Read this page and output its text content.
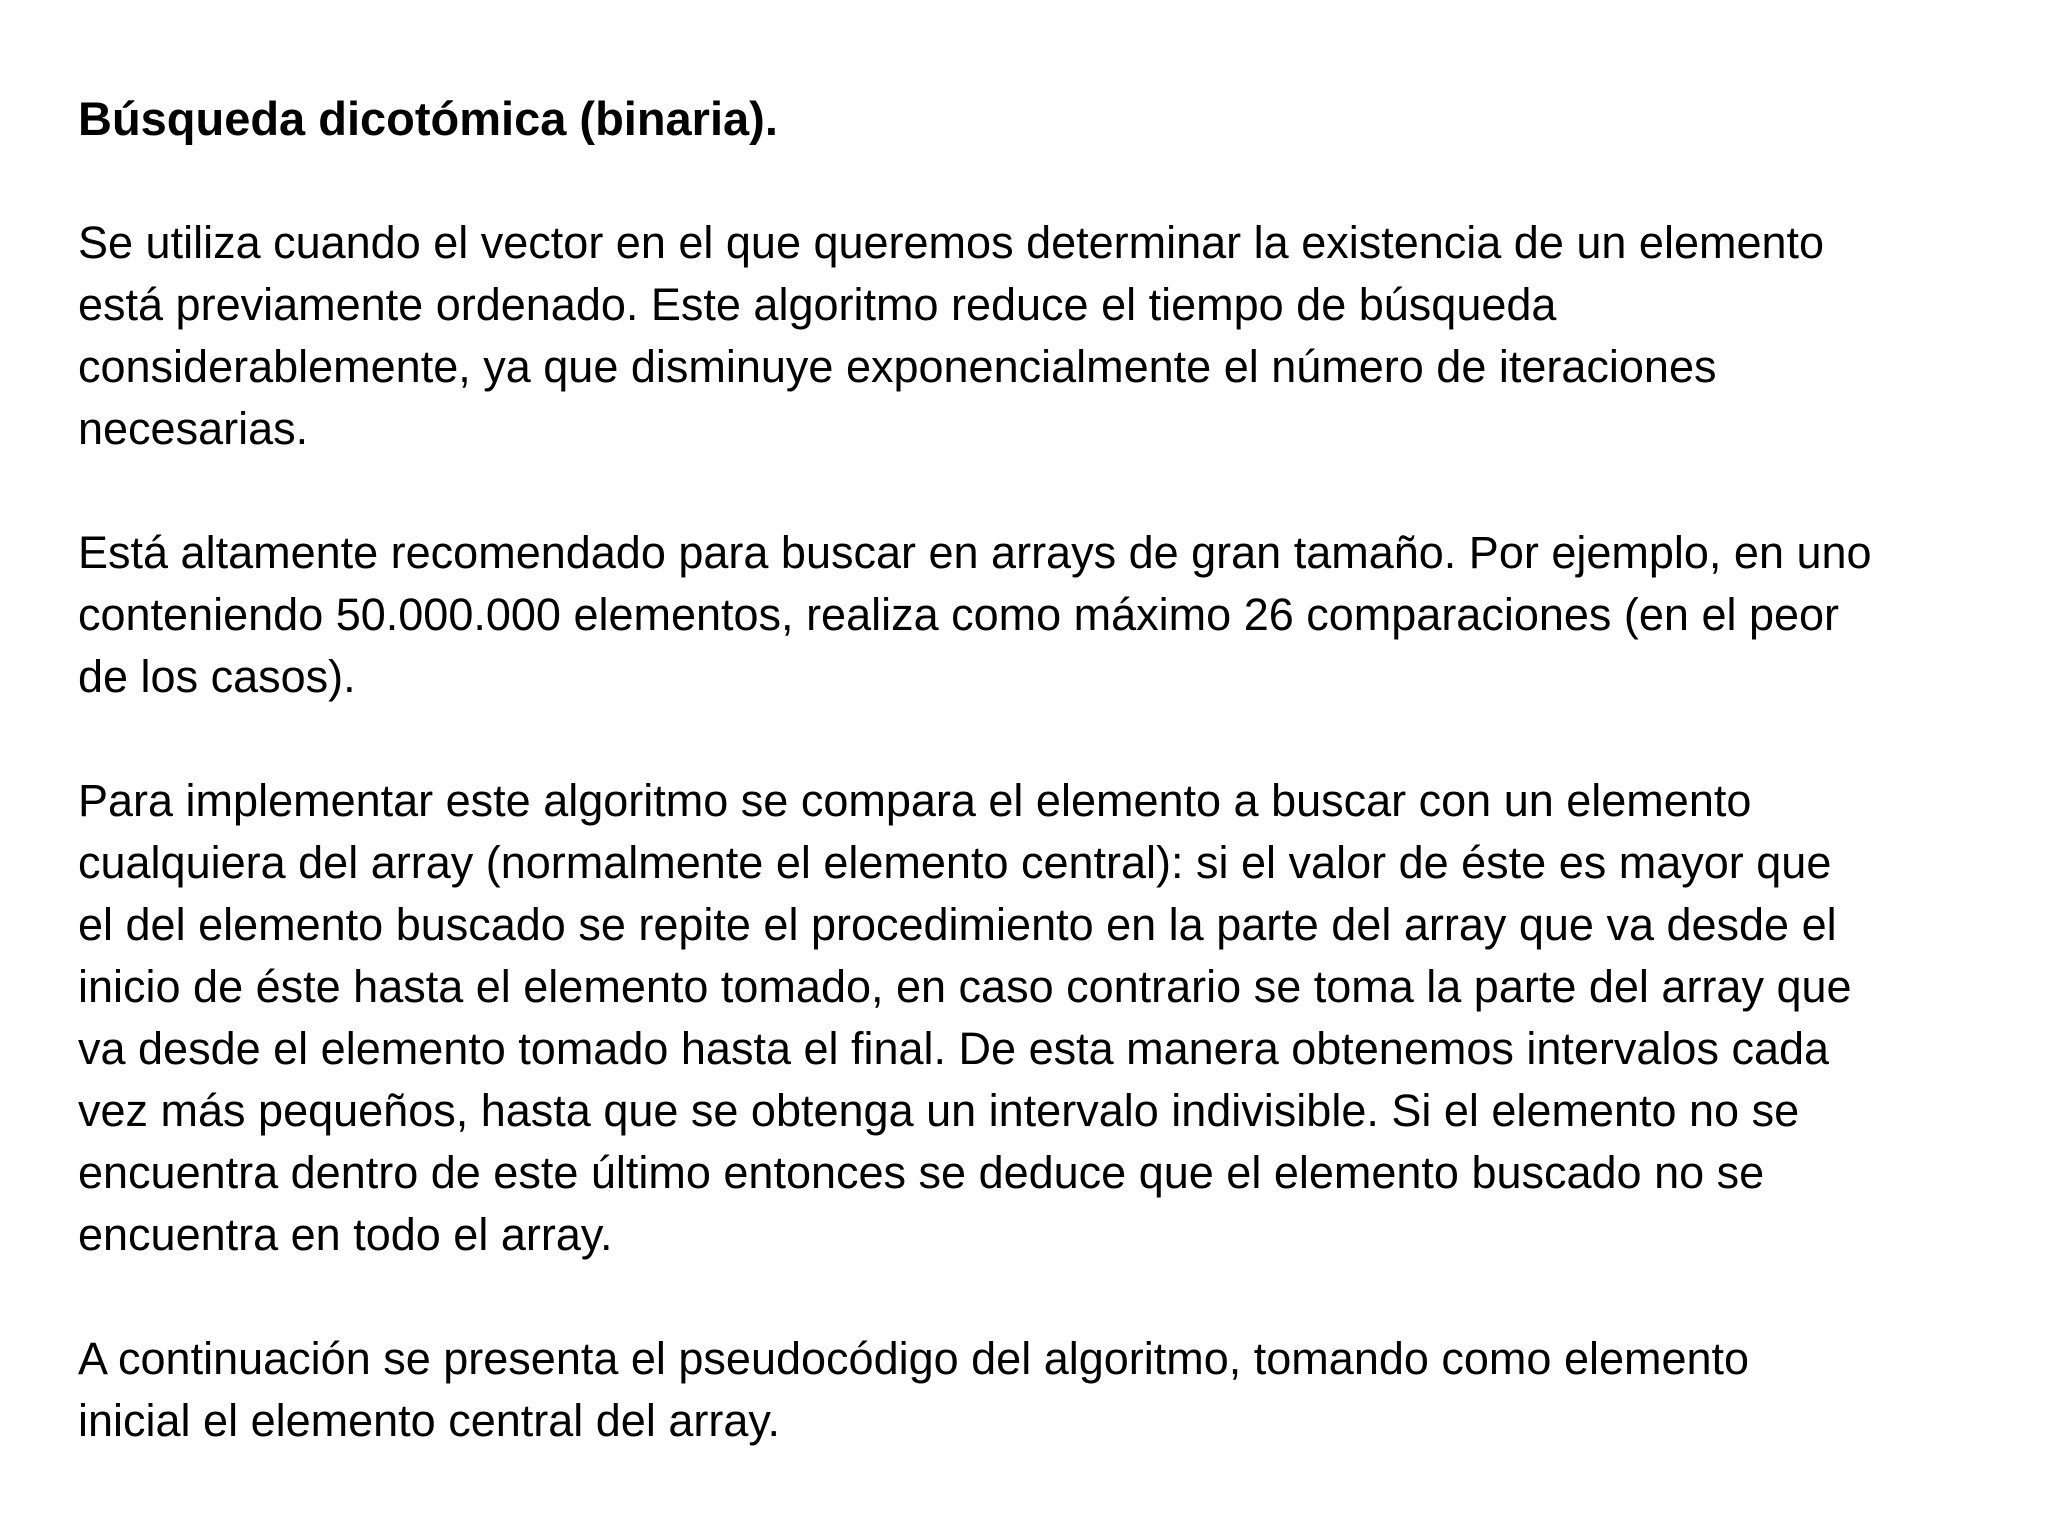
Búsqueda dicotómica (binaria).
Se utiliza cuando el vector en el que queremos determinar la existencia de un elemento
está previamente ordenado. Este algoritmo reduce el tiempo de búsqueda
considerablemente, ya que disminuye exponencialmente el número de iteraciones
necesarias.
Está altamente recomendado para buscar en arrays de gran tamaño. Por ejemplo, en uno
conteniendo 50.000.000 elementos, realiza como máximo 26 comparaciones (en el peor
de los casos).
Para implementar este algoritmo se compara el elemento a buscar con un elemento
cualquiera del array (normalmente el elemento central): si el valor de éste es mayor que
el del elemento buscado se repite el procedimiento en la parte del array que va desde el
inicio de éste hasta el elemento tomado, en caso contrario se toma la parte del array que
va desde el elemento tomado hasta el final. De esta manera obtenemos intervalos cada
vez más pequeños, hasta que se obtenga un intervalo indivisible. Si el elemento no se
encuentra dentro de este último entonces se deduce que el elemento buscado no se
encuentra en todo el array.
A continuación se presenta el pseudocódigo del algoritmo, tomando como elemento
inicial el elemento central del array.
